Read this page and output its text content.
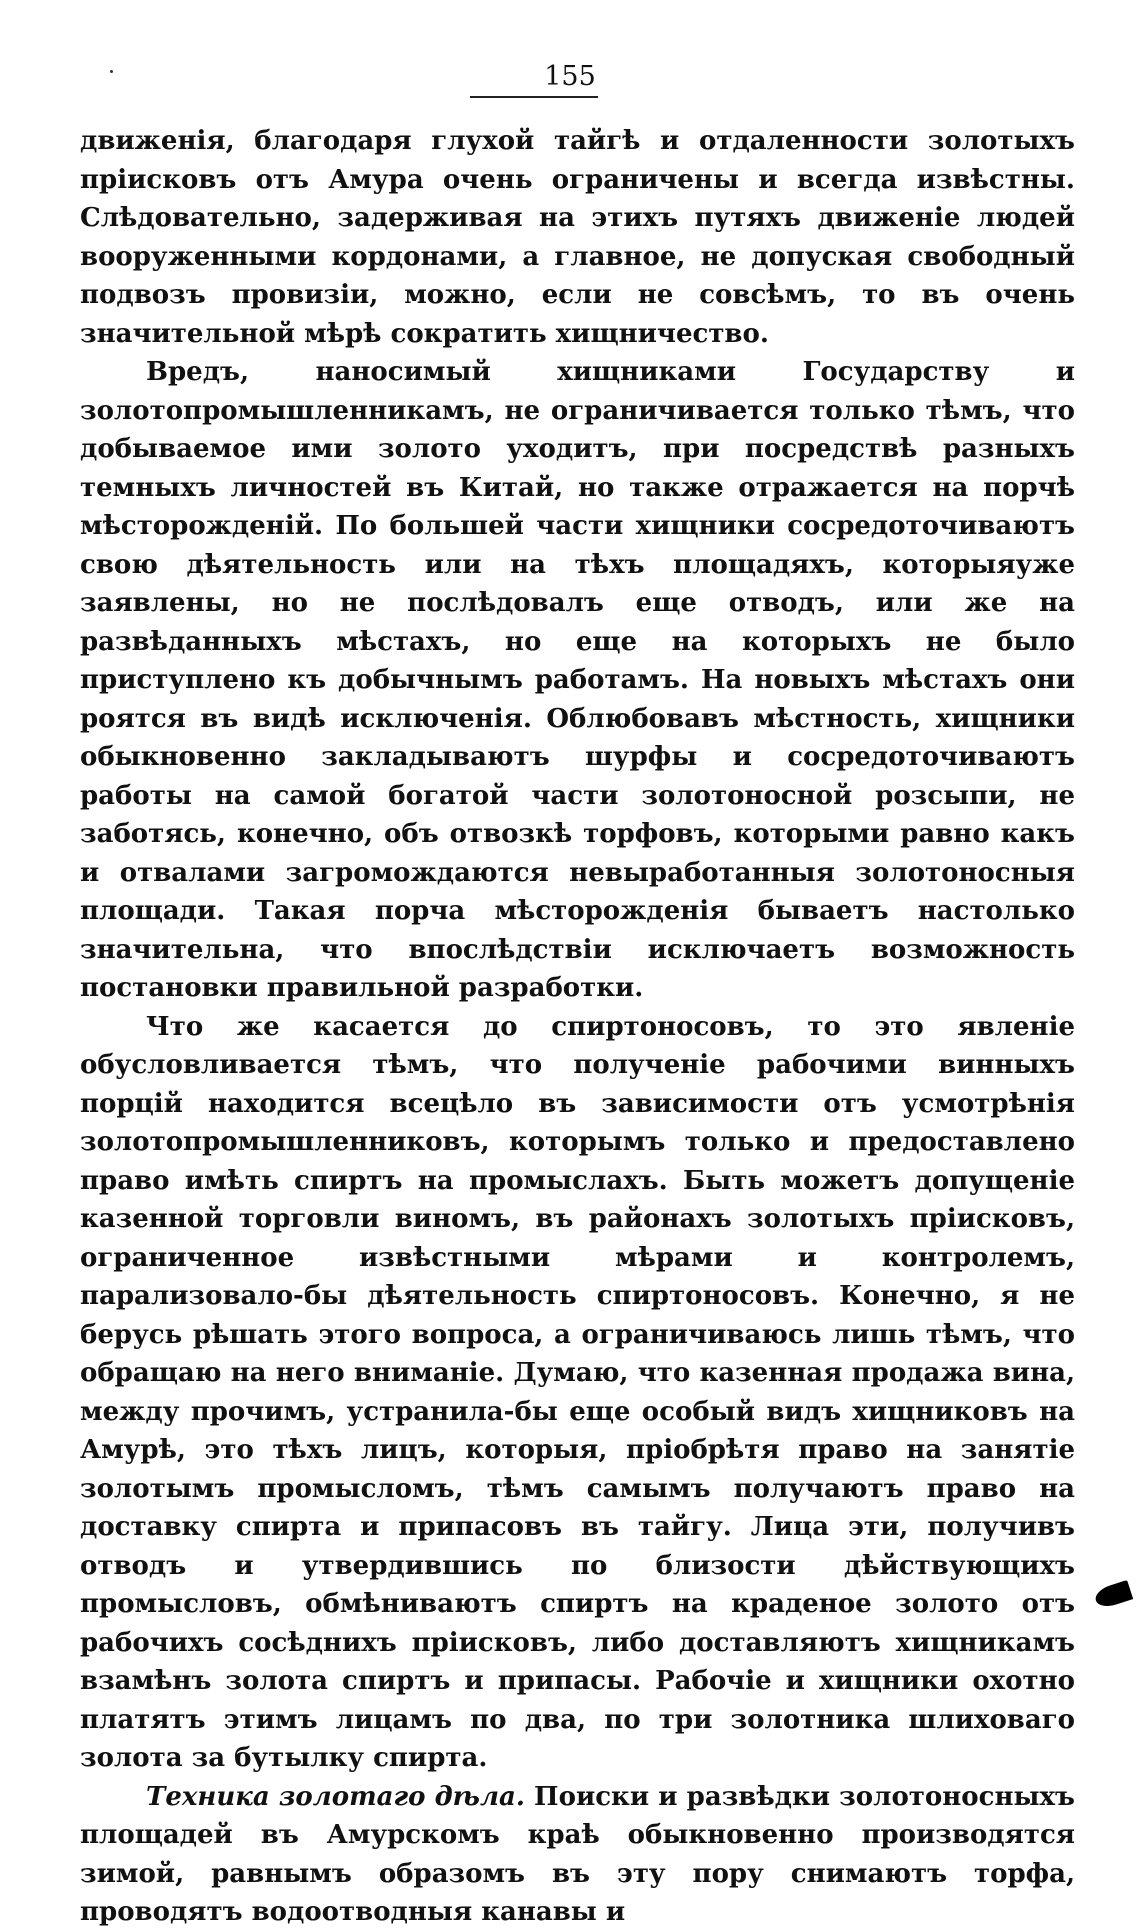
155

движенія, благодаря глухой тайгѣ и отдаленности золотыхъ пріисковъ отъ Амура очень ограничены и всегда извѣстны. Слѣдовательно, задерживая на этихъ путяхъ движеніе людей вооруженными кордонами, а главное, не допуская свободный подвозъ провизіи, можно, если не совсѣмъ, то въ очень значительной мѣрѣ сократить хищничество.

Вредъ, наносимый хищниками Государству и золотопромышленникамъ, не ограничивается только тѣмъ, что добываемое ими золото уходитъ, при посредствѣ разныхъ темныхъ личностей въ Китай, но также отражается на порчѣ мѣсторожденій. По большей части хищники сосредоточиваютъ свою дѣятельность или на тѣхъ площадяхъ, которыяуже заявлены, но не послѣдовалъ еще отводъ, или же на развѣданныхъ мѣстахъ, но еще на которыхъ не было приступлено къ добычнымъ работамъ. На новыхъ мѣстахъ они роятся въ видѣ исключенія. Облюбовавъ мѣстность, хищники обыкновенно закладываютъ шурфы и сосредоточиваютъ работы на самой богатой части золотоносной розсыпи, не заботясь, конечно, объ отвозкѣ торфовъ, которыми равно какъ и отвалами загромождаются невыработанныя золотоносныя площади. Такая порча мѣсторожденія бываетъ настолько значительна, что впослѣдствіи исключаетъ возможность постановки правильной разработки.

Что же касается до спиртоносовъ, то это явленіе обусловливается тѣмъ, что полученіе рабочими винныхъ порцій находится всецѣло въ зависимости отъ усмотрѣнія золотопромышленниковъ, которымъ только и предоставлено право имѣть спиртъ на промыслахъ. Быть можетъ допущеніе казенной торговли виномъ, въ районахъ золотыхъ пріисковъ, ограниченное извѣстными мѣрами и контролемъ, парализовало-бы дѣятельность спиртоносовъ. Конечно, я не берусь рѣшать этого вопроса, а ограничиваюсь лишь тѣмъ, что обращаю на него вниманіе. Думаю, что казенная продажа вина, между прочимъ, устранила-бы еще особый видъ хищниковъ на Амурѣ, это тѣхъ лицъ, которыя, пріобрѣтя право на занятіе золотымъ промысломъ, тѣмъ самымъ получаютъ право на доставку спирта и припасовъ въ тайгу. Лица эти, получивъ отводъ и утвердившись по близости дѣйствующихъ промысловъ, обмѣниваютъ спиртъ на краденое золото отъ рабочихъ сосѣднихъ пріисковъ, либо доставляютъ хищникамъ взамѣнъ золота спиртъ и припасы. Рабочіе и хищники охотно платятъ этимъ лицамъ по два, по три золотника шлиховаго золота за бутылку спирта.

Техника золотаго дѣла. Поиски и развѣдки золотоносныхъ площадей въ Амурскомъ краѣ обыкновенно производятся зимой, равнымъ образомъ въ эту пору снимаютъ торфа, проводятъ водоотводныя канавы и
